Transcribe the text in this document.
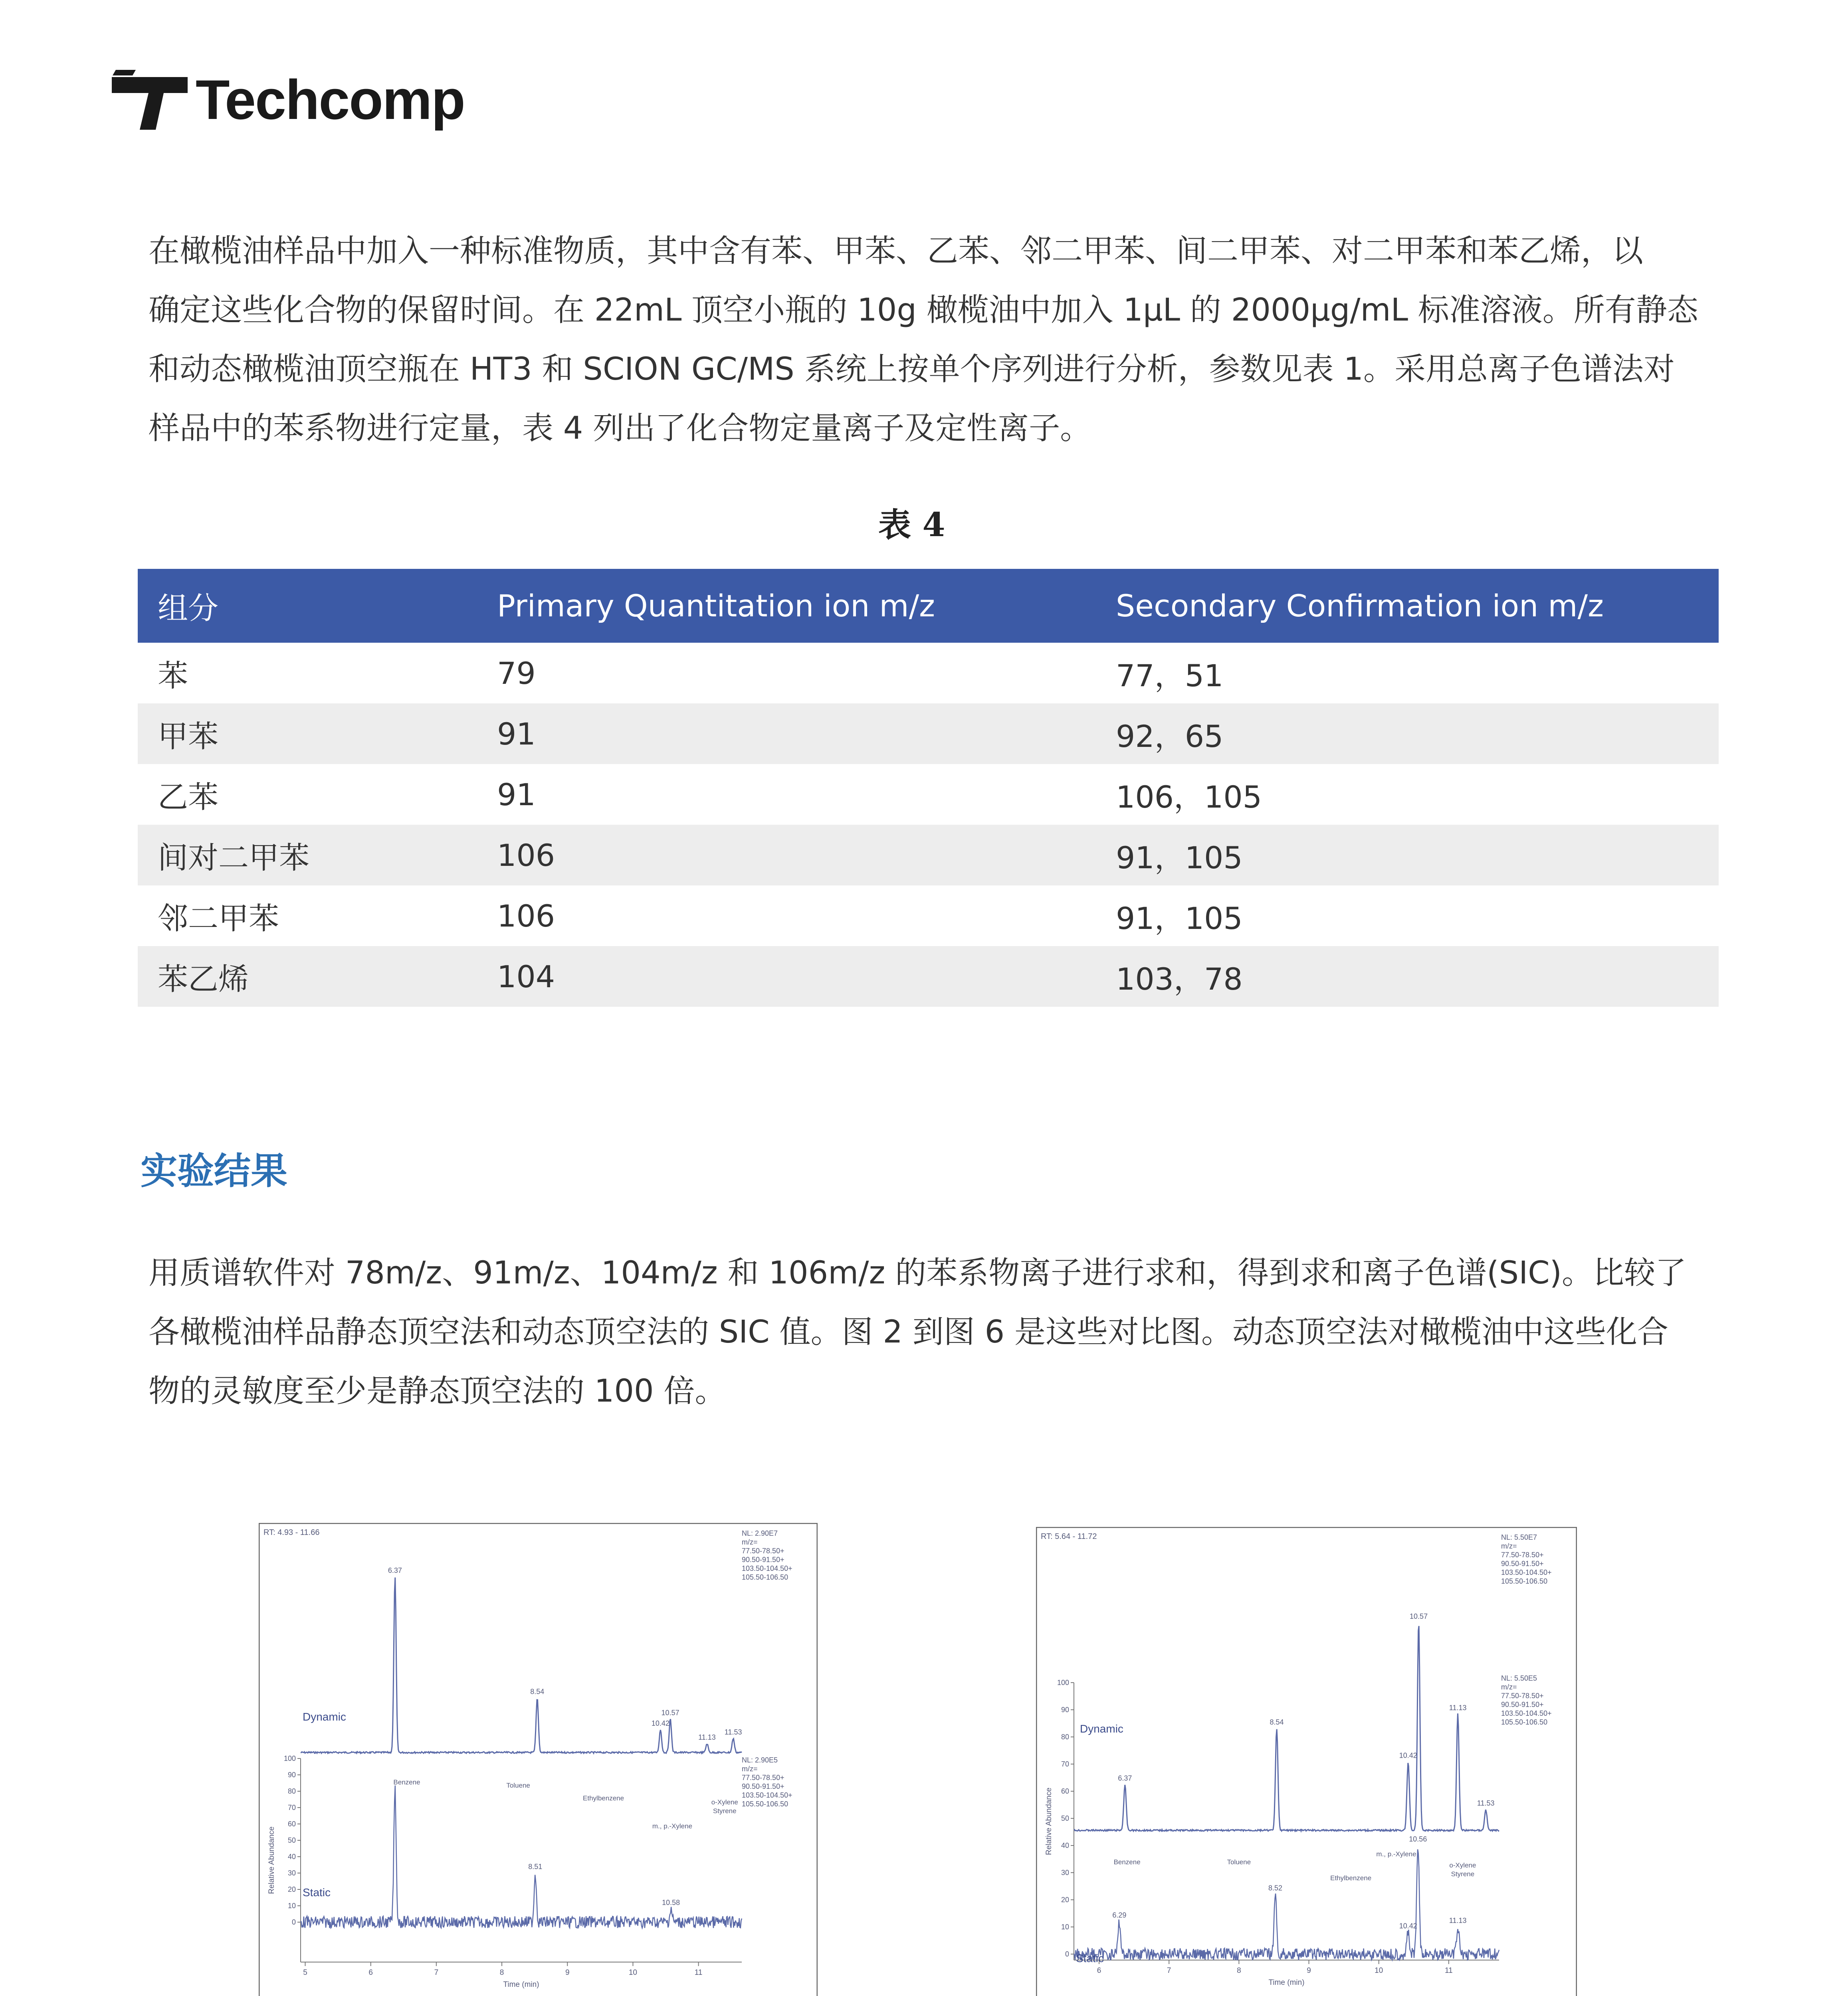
Techcomp
在橄榄油样品中加入一种标准物质，其中含有苯、甲苯、乙苯、邻二甲苯、间二甲苯、对二甲苯和苯乙烯，以
确定这些化合物的保留时间。在 22mL 顶空小瓶的 10g 橄榄油中加入 1μL 的 2000μg/mL 标准溶液。所有静态
和动态橄榄油顶空瓶在 HT3 和 SCION GC/MS 系统上按单个序列进行分析，参数见表 1。采用总离子色谱法对
样品中的苯系物进行定量，表 4 列出了化合物定量离子及定性离子。
表 4
组分	Primary Quantitation ion m/z	Secondary Confirmation ion m/z
苯	79	77，51
甲苯	91	92，65
乙苯	91	106，105
间对二甲苯	106	91，105
邻二甲苯	106	91，105
苯乙烯	104	103，78
实验结果
用质谱软件对 78m/z、91m/z、104m/z 和 106m/z 的苯系物离子进行求和，得到求和离子色谱(SIC)。比较了
各橄榄油样品静态顶空法和动态顶空法的 SIC 值。图 2 到图 6 是这些对比图。动态顶空法对橄榄油中这些化合
物的灵敏度至少是静态顶空法的 100 倍。
RT: 4.93 - 11.66	NL: 2.90E7
m/z=
77.50-78.50+
90.50-91.50+
103.50-104.50+
105.50-106.50
NL: 2.90E5
m/z=
77.50-78.50+
90.50-91.50+
103.50-104.50+
105.50-106.50
0
10
20
30
40
50
60
70
80
90
100
5	6	7	8	9	10	11
Time (min)
Relative Abundance
Dynamic
Static
6.37
8.54
10.42
10.57
11.13
11.53
8.51
10.58
Benzene	Toluene
Ethylbenzene
m., p.-Xylene
o-Xylene
Styrene
RT: 5.64 - 11.72	NL: 5.50E7
m/z=
77.50-78.50+
90.50-91.50+
103.50-104.50+
105.50-106.50
NL: 5.50E5
m/z=
77.50-78.50+
90.50-91.50+
103.50-104.50+
105.50-106.50
0
10
20
30
40
50
60
70
80
90
100
6	7	8	9	10	11
Time (min)
Relative Abundance
Dynamic
Static
6.37
8.54
10.42
10.57
11.13
11.53
6.29
8.52
10.42
10.56
11.13
Benzene	Toluene
Ethylbenzene
m., p.-Xylene
o-Xylene
Styrene
